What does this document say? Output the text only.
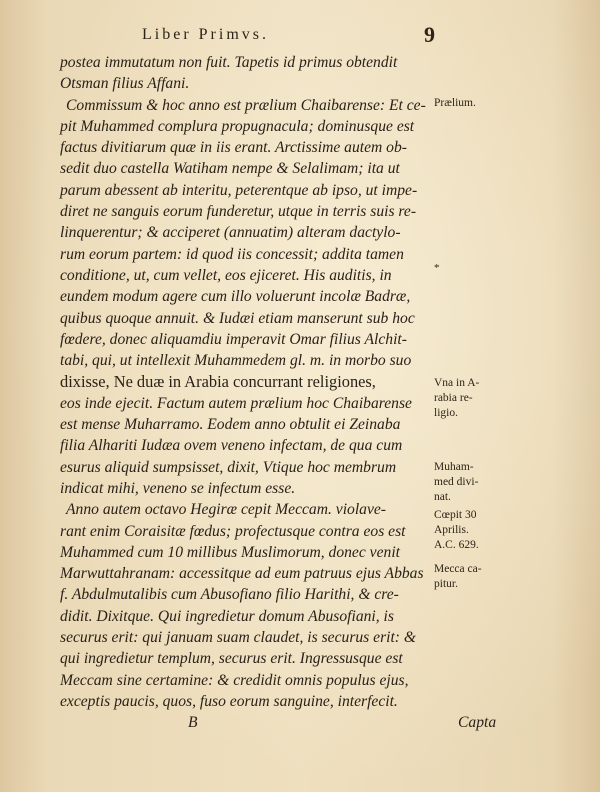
Liber Primvs.	9
postea immutatum non fuit. Tapetis id primus obtendit
Otsman filius Affani.
Commissum & hoc anno est prælium Chaibarense: Et ce-
pit Muhammed complura propugnacula; dominusque est
factus divitiarum quæ in iis erant. Arctissime autem ob-
sedit duo castella Watiham nempe & Selalimam; ita ut
parum abessent ab interitu, peterentque ab ipso, ut impe-
diret ne sanguis eorum funderetur, utque in terris suis re-
linquerentur; & acciperet (annuatim) alteram dactylo-
rum eorum partem: id quod iis concessit; addita tamen
conditione, ut, cum vellet, eos ejiceret. His auditis, in
eundem modum agere cum illo voluerunt incolæ Badræ,
quibus quoque annuit. & Iudæi etiam manserunt sub hoc
fœdere, donec aliquamdiu imperavit Omar filius Alchit-
tabi, qui, ut intellexit Muhammedem gl. m. in morbo suo
dixisse, Ne duæ in Arabia concurrant religiones,
eos inde ejecit. Factum autem prælium hoc Chaibarense
est mense Muharramo. Eodem anno obtulit ei Zeinaba
filia Alhariti Iudæa ovem veneno infectam, de qua cum
esurus aliquid sumpsisset, dixit, Vtique hoc membrum
indicat mihi, veneno se infectum esse.
Anno autem octavo Hegiræ cepit Meccam. violave-
rant enim Coraisitæ fœdus; profectusque contra eos est
Muhammed cum 10 millibus Muslimorum, donec venit
Marwuttahranam: accessitque ad eum patruus ejus Abbas
f. Abdulmutalibis cum Abusofiano filio Harithi, & cre-
didit. Dixitque. Qui ingredietur domum Abusofiani, is
securus erit: qui januam suam claudet, is securus erit: &
qui ingredietur templum, securus erit. Ingressusque est
Meccam sine certamine: & credidit omnis populus ejus,
exceptis paucis, quos, fuso eorum sanguine, interfecit.
B	Capta
*
Prælium.
Vna in A-
rabia re-
ligio.
Muham-
med divi-
nat.
Cœpit 30
Aprilis.
A.C. 629.
Mecca ca-
pitur.
